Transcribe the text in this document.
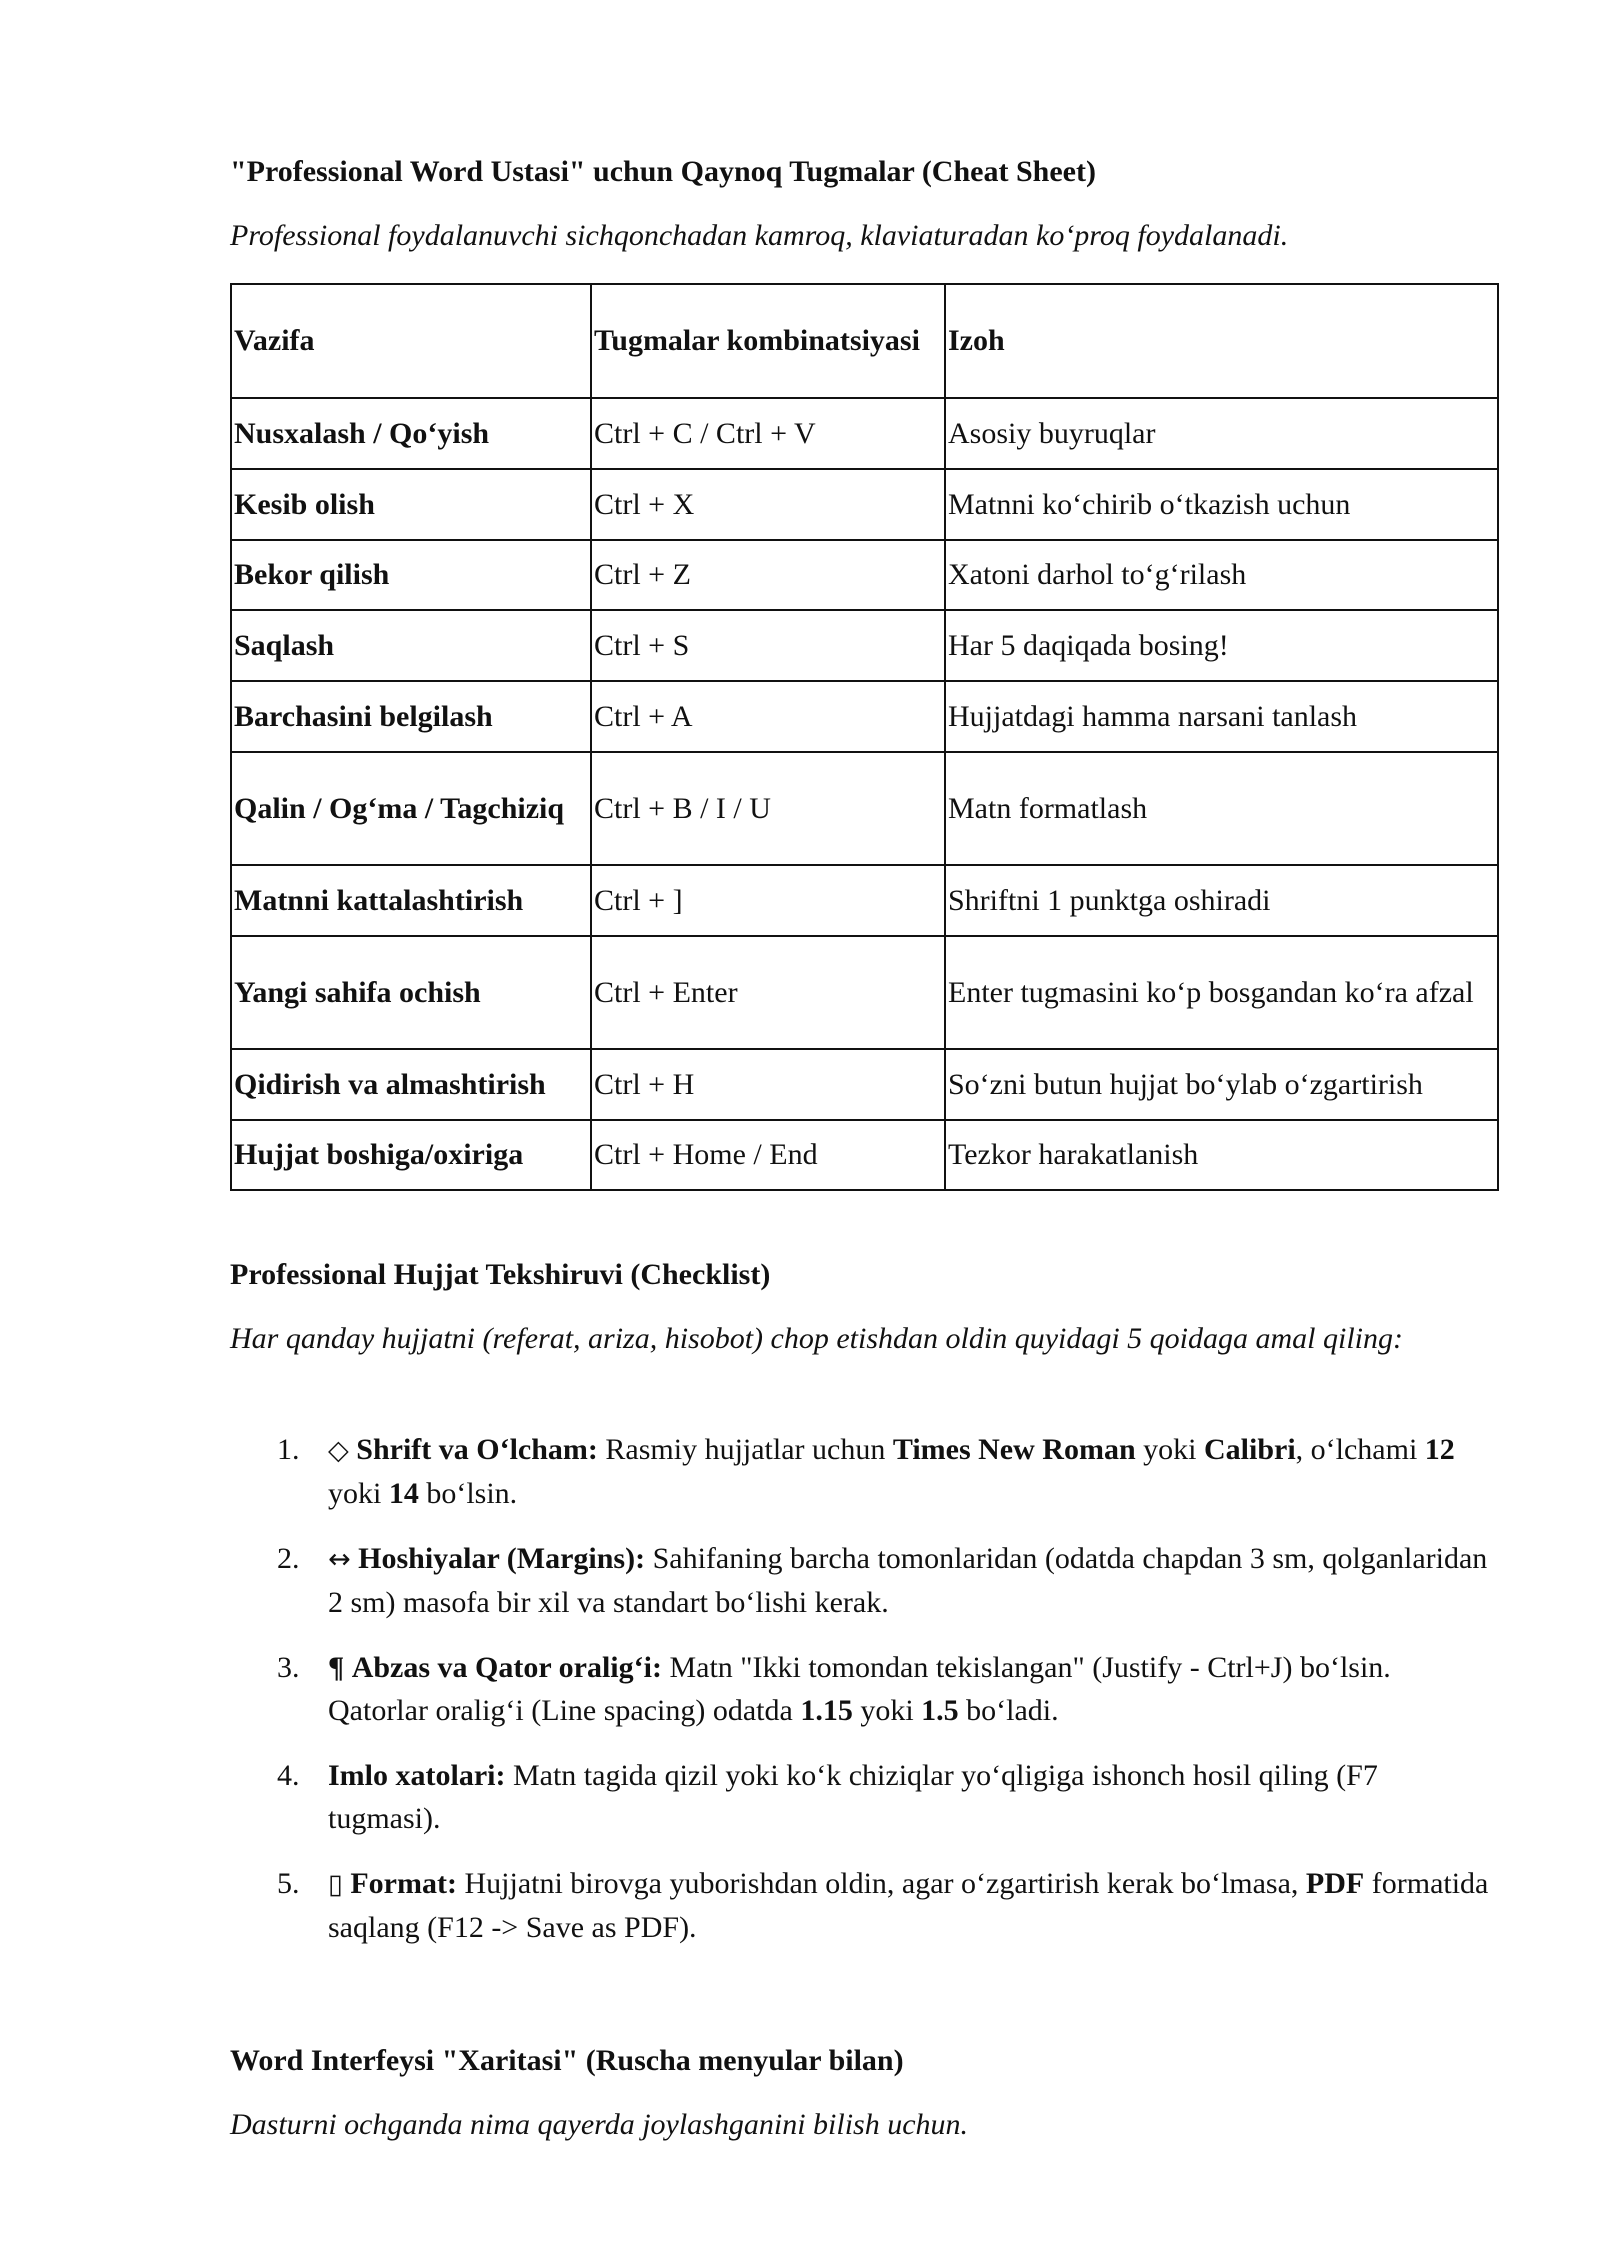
"Professional Word Ustasi" uchun Qaynoq Tugmalar (Cheat Sheet)

Professional foydalanuvchi sichqonchadan kamroq, klaviaturadan ko‘proq foydalanadi.

Vazifa	Tugmalar kombinatsiyasi	Izoh
Nusxalash / Qo‘yish	Ctrl + C / Ctrl + V	Asosiy buyruqlar
Kesib olish	Ctrl + X	Matnni ko‘chirib o‘tkazish uchun
Bekor qilish	Ctrl + Z	Xatoni darhol to‘g‘rilash
Saqlash	Ctrl + S	Har 5 daqiqada bosing!
Barchasini belgilash	Ctrl + A	Hujjatdagi hamma narsani tanlash
Qalin / Og‘ma / Tagchiziq	Ctrl + B / I / U	Matn formatlash
Matnni kattalashtirish	Ctrl + ]	Shriftni 1 punktga oshiradi
Yangi sahifa ochish	Ctrl + Enter	Enter tugmasini ko‘p bosgandan ko‘ra afzal
Qidirish va almashtirish	Ctrl + H	So‘zni butun hujjat bo‘ylab o‘zgartirish
Hujjat boshiga/oxiriga	Ctrl + Home / End	Tezkor harakatlanish
Professional Hujjat Tekshiruvi (Checklist)

Har qanday hujjatni (referat, ariza, hisobot) chop etishdan oldin quyidagi 5 qoidaga amal qiling:

1. ◇ Shrift va O‘lcham: Rasmiy hujjatlar uchun Times New Roman yoki Calibri, o‘lchami 12 yoki 14 bo‘lsin.
2. ↔ Hoshiyalar (Margins): Sahifaning barcha tomonlaridan (odatda chapdan 3 sm, qolganlaridan 2 sm) masofa bir xil va standart bo‘lishi kerak.
3. ¶ Abzas va Qator oralig‘i: Matn "Ikki tomondan tekislangan" (Justify - Ctrl+J) bo‘lsin. Qatorlar oralig‘i (Line spacing) odatda 1.15 yoki 1.5 bo‘ladi.
4. Imlo xatolari: Matn tagida qizil yoki ko‘k chiziqlar yo‘qligiga ishonch hosil qiling (F7 tugmasi).
5. ▯ Format: Hujjatni birovga yuborishdan oldin, agar o‘zgartirish kerak bo‘lmasa, PDF formatida saqlang (F12 -> Save as PDF).
Word Interfeysi "Xaritasi" (Ruscha menyular bilan)

Dasturni ochganda nima qayerda joylashganini bilish uchun.
